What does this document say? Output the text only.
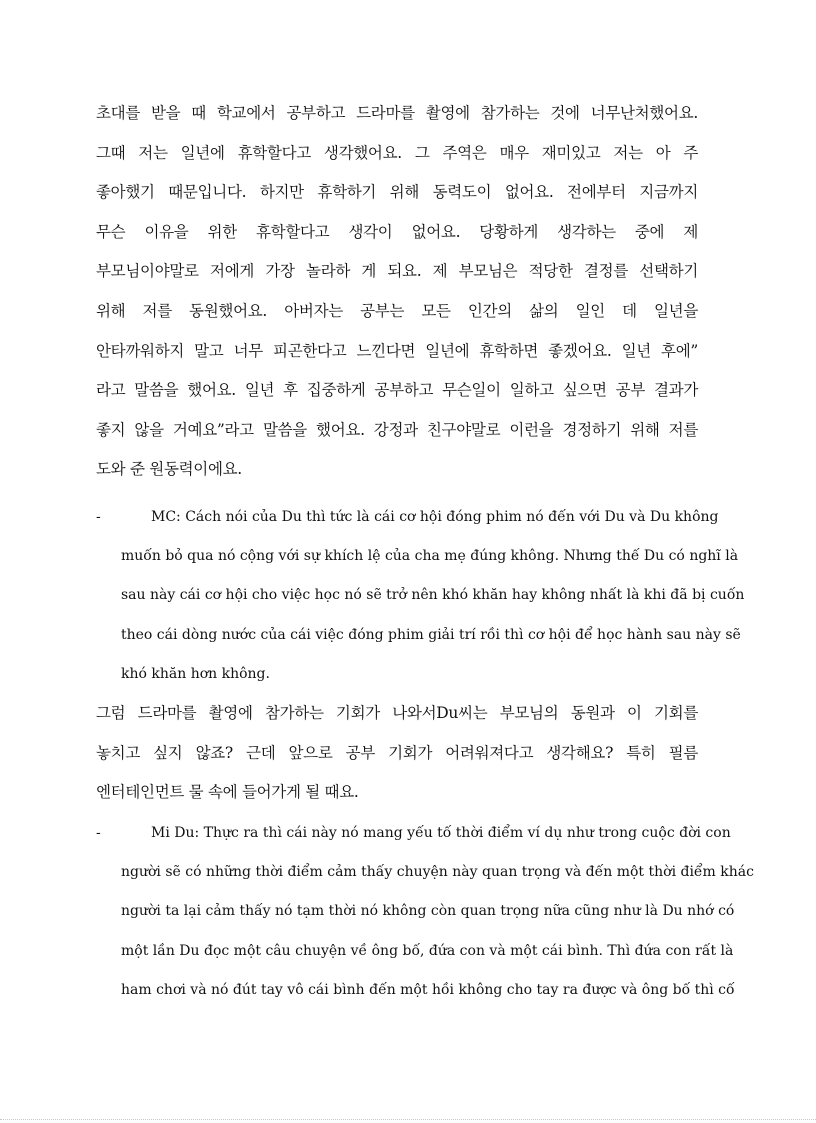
초대를 받을 때 학교에서 공부하고 드라마를 촬영에 참가하는 것에 너무난처했어요.
그때 저는 일년에 휴학할다고 생각했어요. 그 주역은 매우 재미있고 저는 아 주
좋아했기 때문입니다. 하지만 휴학하기 위해 동력도이 없어요. 전에부터 지금까지
무슨 이유을 위한 휴학할다고 생각이 없어요. 당황하게 생각하는 중에 제
부모님이야말로 저에게 가장 놀라하 게 되요. 제 부모님은 적당한 결정를 선택하기
위해 저를 동원했어요. 아버자는 공부는 모든 인간의 삶의 일인 데 일년을
안타까워하지 말고 너무 피곤한다고 느낀다면 일년에 휴학하면 좋겠어요. 일년 후에”
라고 말씀을 했어요. 일년 후 집중하게 공부하고 무슨일이 일하고 싶으면 공부 결과가
좋지 않을 거예요”라고 말씀을 했어요. 강정과 친구야말로 이런을 경정하기 위해 저를
도와 준 원동력이에요.
-	MC: Cách nói của Du thì tức là cái cơ hội đóng phim nó đến với Du và Du không
muốn bỏ qua nó cộng với sự khích lệ của cha mẹ đúng không. Nhưng thế Du có nghĩ là
sau này cái cơ hội cho việc học nó sẽ trở nên khó khăn hay không nhất là khi đã bị cuốn
theo cái dòng nước của cái việc đóng phim giải trí rồi thì cơ hội để học hành sau này sẽ
khó khăn hơn không.
그럼 드라마를 촬영에 참가하는 기회가 나와서Du씨는 부모님의 동원과 이 기회를
놓치고 싶지 않죠? 근데 앞으로 공부 기회가 어려워져다고 생각해요? 특히 필름
엔터테인먼트 물 속에 들어가게 될 때요.
-	Mi Du: Thực ra thì cái này nó mang yếu tố thời điểm ví dụ như trong cuộc đời con
người sẽ có những thời điểm cảm thấy chuyện này quan trọng và đến một thời điểm khác
người ta lại cảm thấy nó tạm thời nó không còn quan trọng nữa cũng như là Du nhớ có
một lần Du đọc một câu chuyện về ông bố, đứa con và một cái bình. Thì đứa con rất là
ham chơi và nó đút tay vô cái bình đến một hồi không cho tay ra được và ông bố thì cố
